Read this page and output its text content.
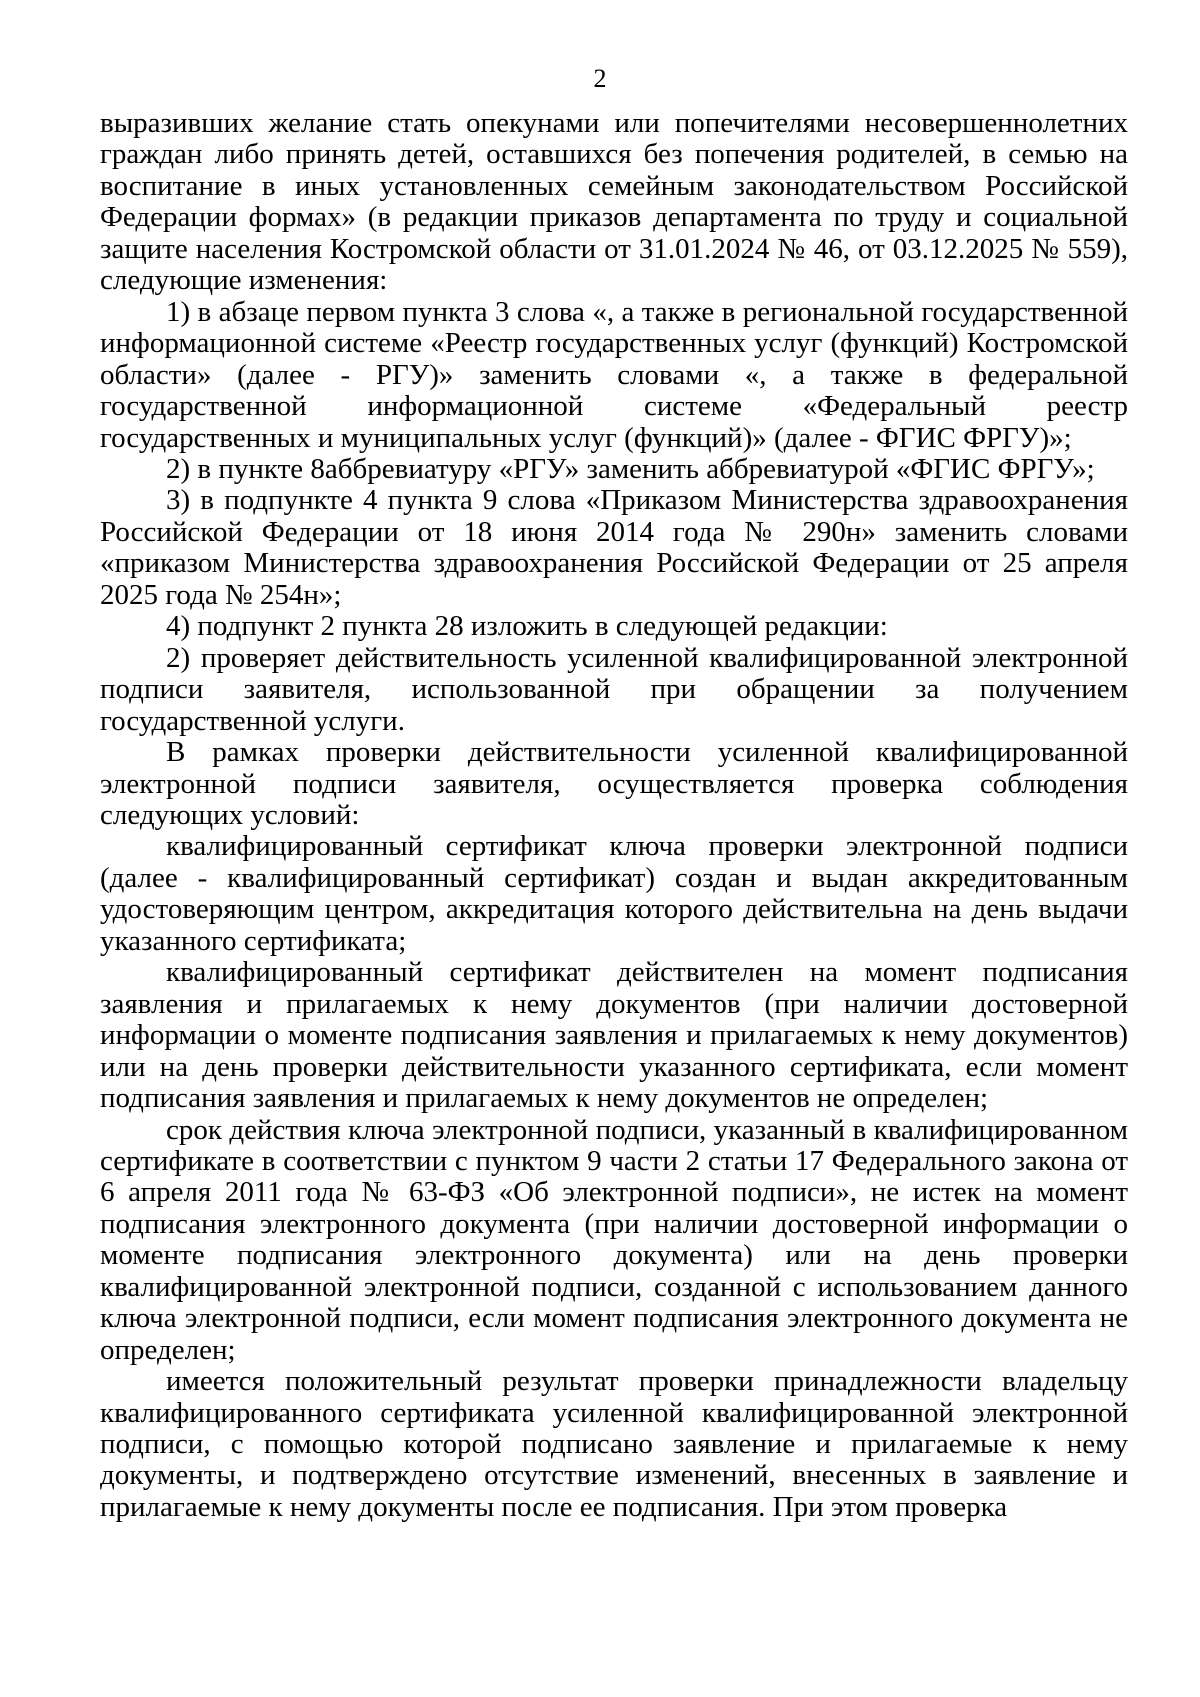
2

выразивших желание стать опекунами или попечителями несовершеннолетних граждан либо принять детей, оставшихся без попечения родителей, в семью на воспитание в иных установленных семейным законодательством Российской Федерации формах» (в редакции приказов департамента по труду и социальной защите населения Костромской области от 31.01.2024 № 46, от 03.12.2025 № 559), следующие изменения:

1) в абзаце первом пункта 3 слова «, а также в региональной государственной информационной системе «Реестр государственных услуг (функций) Костромской области» (далее - РГУ)» заменить словами «, а также в федеральной государственной информационной системе «Федеральный реестр государственных и муниципальных услуг (функций)» (далее - ФГИС ФРГУ)»;

2) в пункте 8аббревиатуру «РГУ» заменить аббревиатурой «ФГИС ФРГУ»;

3) в подпункте 4 пункта 9 слова «Приказом Министерства здравоохранения Российской Федерации от 18 июня 2014 года № 290н» заменить словами «приказом Министерства здравоохранения Российской Федерации от 25 апреля 2025 года № 254н»;

4) подпункт 2 пункта 28 изложить в следующей редакции:

2) проверяет действительность усиленной квалифицированной электронной подписи заявителя, использованной при обращении за получением государственной услуги.

В рамках проверки действительности усиленной квалифицированной электронной подписи заявителя, осуществляется проверка соблюдения следующих условий:

квалифицированный сертификат ключа проверки электронной подписи (далее - квалифицированный сертификат) создан и выдан аккредитованным удостоверяющим центром, аккредитация которого действительна на день выдачи указанного сертификата;

квалифицированный сертификат действителен на момент подписания заявления и прилагаемых к нему документов (при наличии достоверной информации о моменте подписания заявления и прилагаемых к нему документов) или на день проверки действительности указанного сертификата, если момент подписания заявления и прилагаемых к нему документов не определен;

срок действия ключа электронной подписи, указанный в квалифицированном сертификате в соответствии с пунктом 9 части 2 статьи 17 Федерального закона от 6 апреля 2011 года № 63-ФЗ «Об электронной подписи», не истек на момент подписания электронного документа (при наличии достоверной информации о моменте подписания электронного документа) или на день проверки квалифицированной электронной подписи, созданной с использованием данного ключа электронной подписи, если момент подписания электронного документа не определен;

имеется положительный результат проверки принадлежности владельцу квалифицированного сертификата усиленной квалифицированной электронной подписи, с помощью которой подписано заявление и прилагаемые к нему документы, и подтверждено отсутствие изменений, внесенных в заявление и прилагаемые к нему документы после ее подписания. При этом проверка
